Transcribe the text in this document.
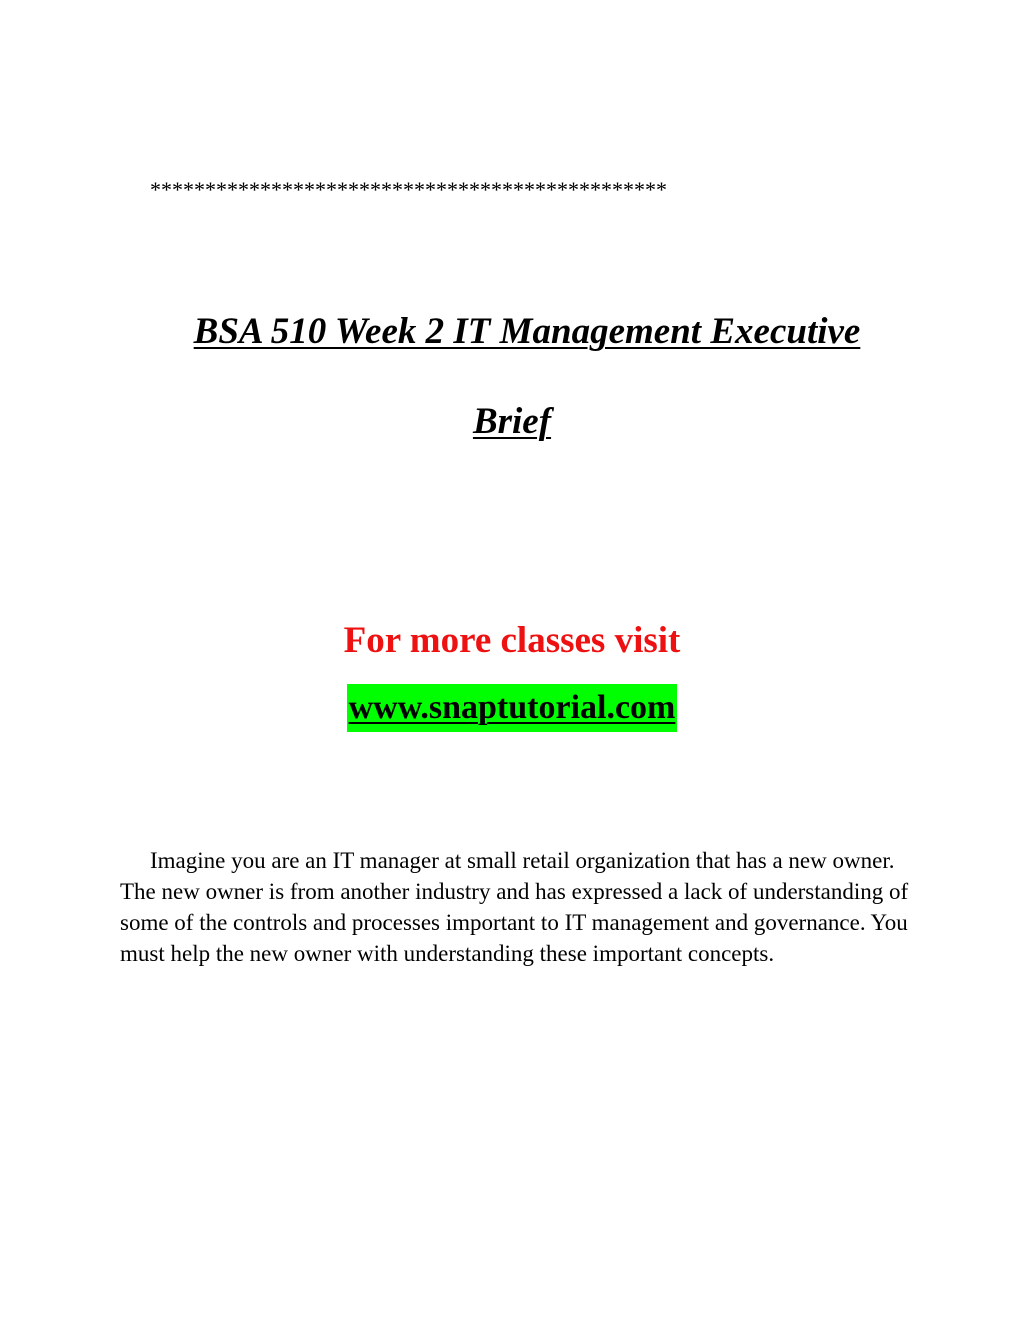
***********************************************
BSA 510 Week 2 IT Management Executive
Brief
For more classes visit
www.snaptutorial.com

Imagine you are an IT manager at small retail organization that has a new owner. The new owner is from another industry and has expressed a lack of understanding of some of the controls and processes important to IT management and governance. You must help the new owner with understanding these important concepts.
